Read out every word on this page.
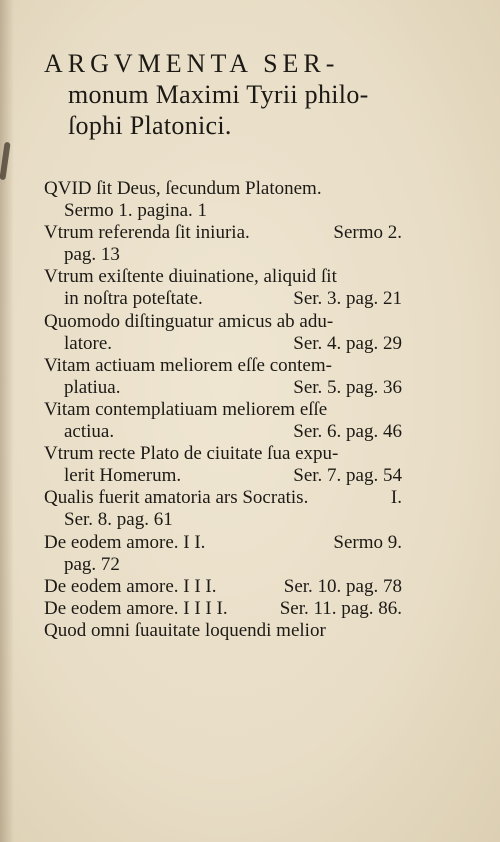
ARGVMENTA SER-
monum Maximi Tyrii philo-
ſophi Platonici.
QVID ſit Deus, ſecundum Platonem.
Sermo 1. pagina. 1
Vtrum referenda ſit iniuria.	Sermo 2.
pag. 13
Vtrum exiſtente diuinatione, aliquid ſit
in noſtra poteſtate.	Ser. 3. pag. 21
Quomodo diſtinguatur amicus ab adu-
latore.	Ser. 4. pag. 29
Vitam actiuam meliorem eſſe contem-
platiua.	Ser. 5. pag. 36
Vitam contemplatiuam meliorem eſſe
actiua.	Ser. 6. pag. 46
Vtrum recte Plato de ciuitate ſua expu-
lerit Homerum.	Ser. 7. pag. 54
Qualis fuerit amatoria ars Socratis.	I.
Ser. 8. pag. 61
De eodem amore. I I.	Sermo 9.
pag. 72
De eodem amore. I I I.	Ser. 10. pag. 78
De eodem amore. I I I I.	Ser. 11. pag. 86.
Quod omni ſuauitate loquendi melior
